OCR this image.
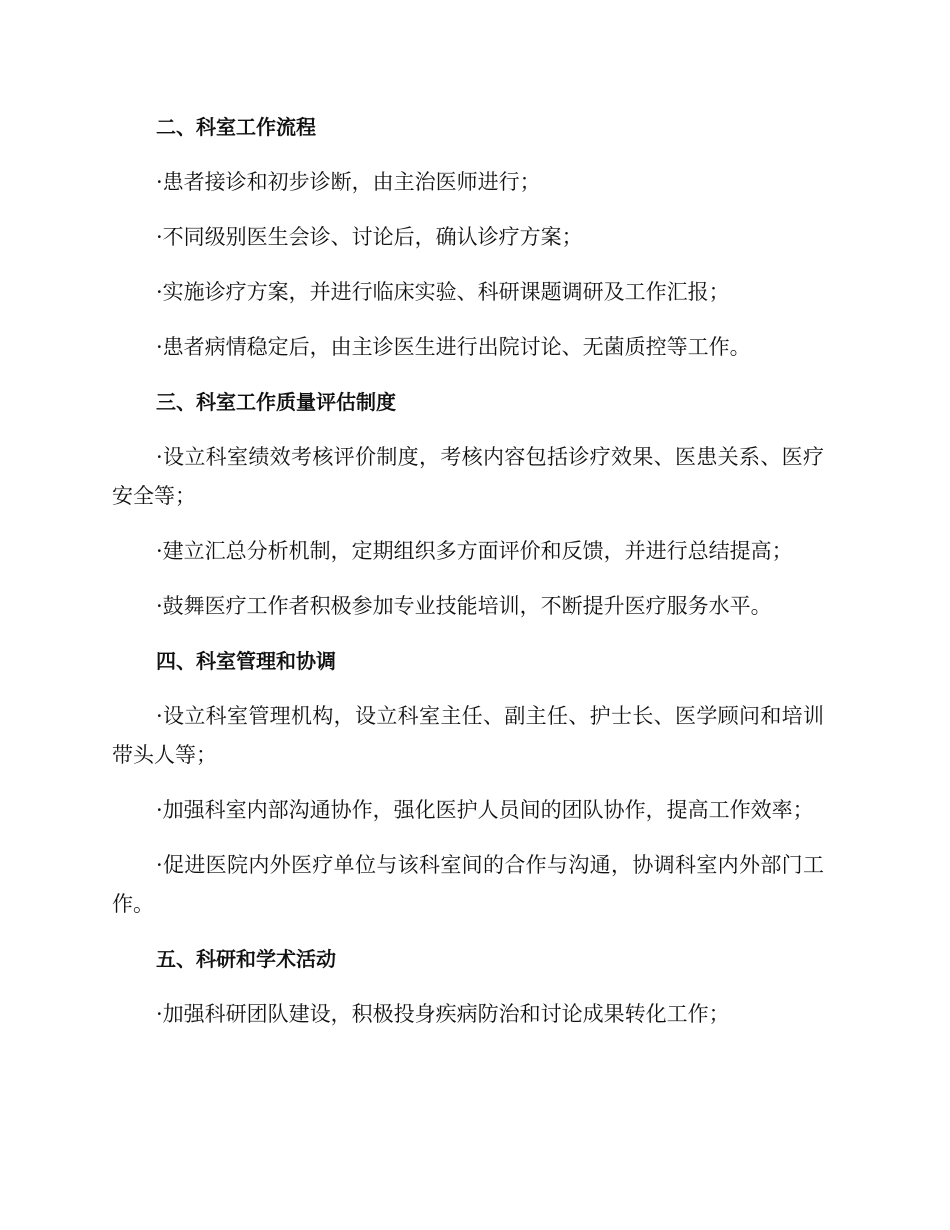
二、科室工作流程
·患者接诊和初步诊断，由主治医师进行；
·不同级别医生会诊、讨论后，确认诊疗方案；
·实施诊疗方案，并进行临床实验、科研课题调研及工作汇报；
·患者病情稳定后，由主诊医生进行出院讨论、无菌质控等工作。
三、科室工作质量评估制度
·设立科室绩效考核评价制度，考核内容包括诊疗效果、医患关系、医疗安全等；
·建立汇总分析机制，定期组织多方面评价和反馈，并进行总结提高；
·鼓舞医疗工作者积极参加专业技能培训，不断提升医疗服务水平。
四、科室管理和协调
·设立科室管理机构，设立科室主任、副主任、护士长、医学顾问和培训带头人等；
·加强科室内部沟通协作，强化医护人员间的团队协作，提高工作效率；
·促进医院内外医疗单位与该科室间的合作与沟通，协调科室内外部门工作。
五、科研和学术活动
·加强科研团队建设，积极投身疾病防治和讨论成果转化工作；
